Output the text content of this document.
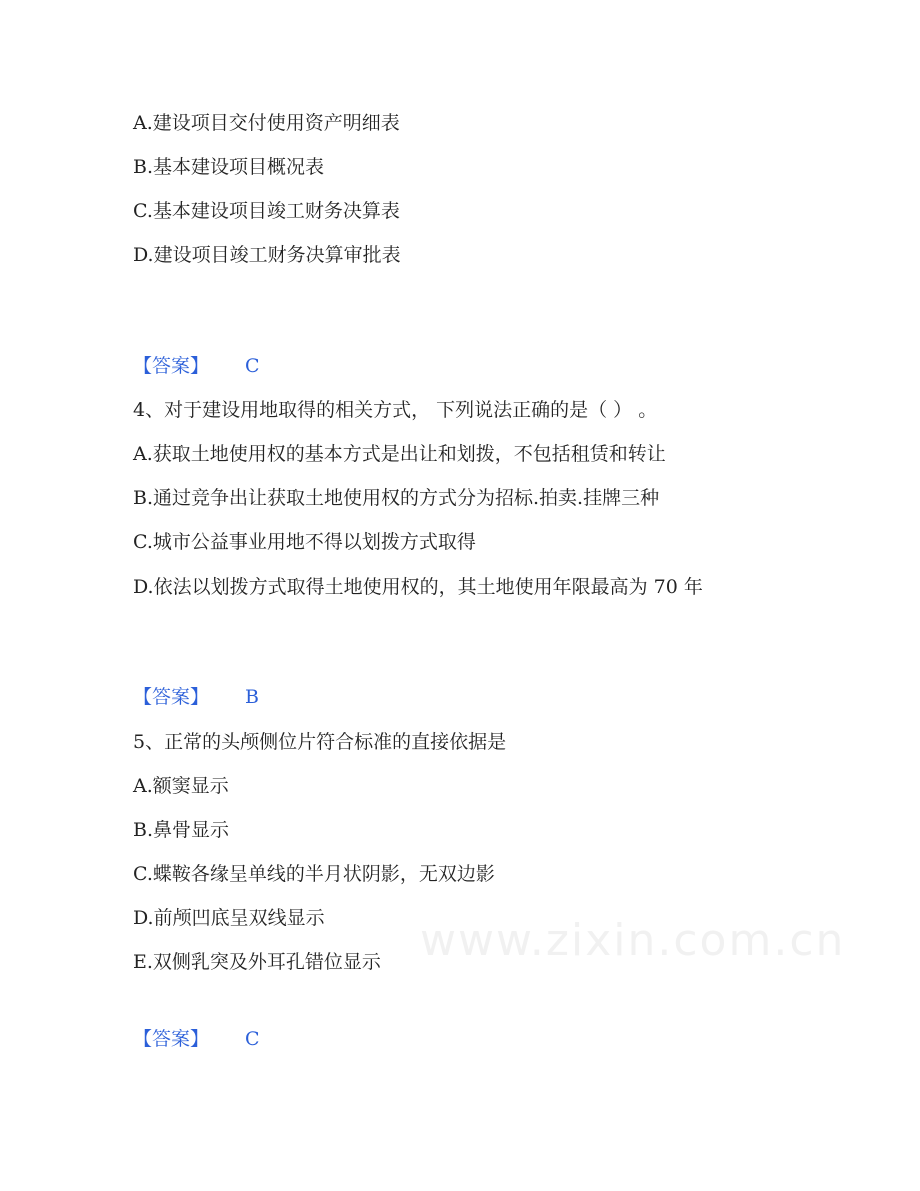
A.建设项目交付使用资产明细表
B.基本建设项目概况表
C.基本建设项目竣工财务决算表
D.建设项目竣工财务决算审批表
【答案】 C
4、对于建设用地取得的相关方式， 下列说法正确的是（ ） 。
A.获取土地使用权的基本方式是出让和划拨，不包括租赁和转让
B.通过竞争出让获取土地使用权的方式分为招标.拍卖.挂牌三种
C.城市公益事业用地不得以划拨方式取得
D.依法以划拨方式取得土地使用权的，其土地使用年限最高为 70 年
【答案】 B
5、正常的头颅侧位片符合标准的直接依据是
A.额窦显示
B.鼻骨显示
C.蝶鞍各缘呈单线的半月状阴影，无双边影
D.前颅凹底呈双线显示
E.双侧乳突及外耳孔错位显示
【答案】 C
www.zixin.com.cn
